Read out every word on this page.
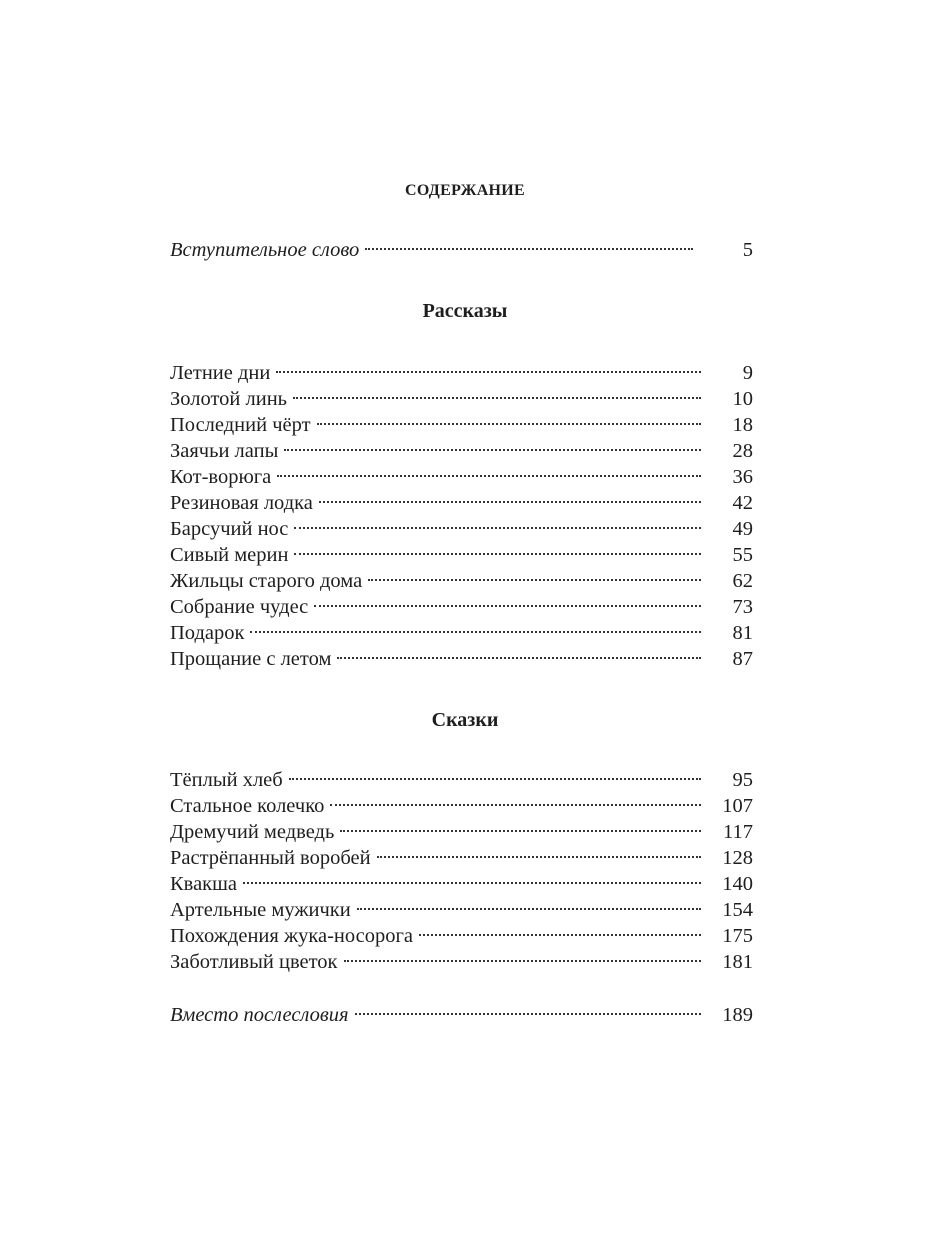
СОДЕРЖАНИЕ
Вступительное слово	5
Рассказы
Летние дни	9
Золотой линь	10
Последний чёрт	18
Заячьи лапы	28
Кот-ворюга	36
Резиновая лодка	42
Барсучий нос	49
Сивый мерин	55
Жильцы старого дома	62
Собрание чудес	73
Подарок	81
Прощание с летом	87
Сказки
Тёплый хлеб	95
Стальное колечко	107
Дремучий медведь	117
Растрёпанный воробей	128
Квакша	140
Артельные мужички	154
Похождения жука-носорога	175
Заботливый цветок	181
Вместо послесловия	189
